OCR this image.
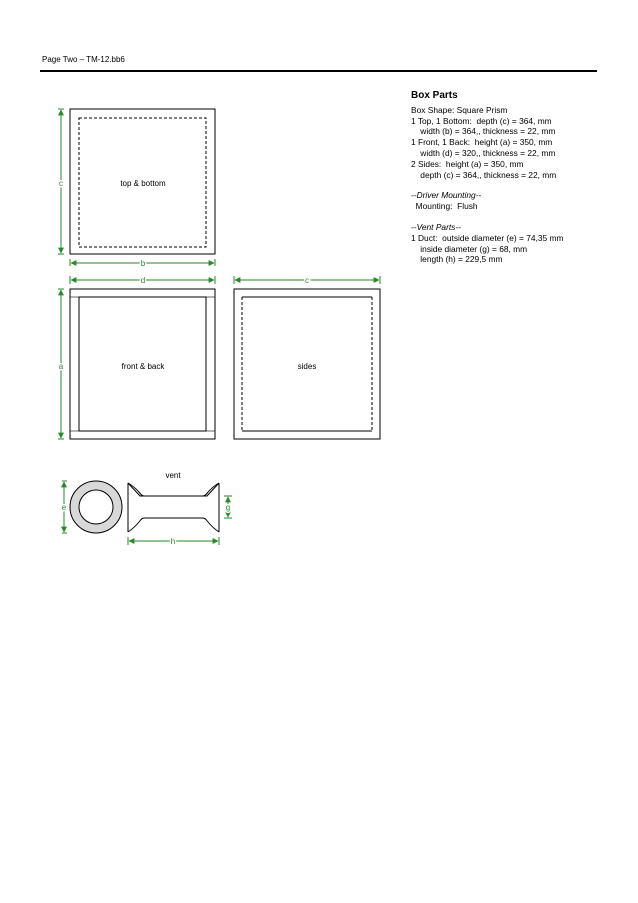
Page Two – TM-12.bb6
Box Parts
Box Shape: Square Prism
1 Top, 1 Bottom:  depth (c) = 364, mm
width (b) = 364,, thickness = 22, mm
1 Front, 1 Back:  height (a) = 350, mm
width (d) = 320,, thickness = 22, mm
2 Sides:  height (a) = 350, mm
depth (c) = 364,, thickness = 22, mm
--Driver Mounting--
Mounting:  Flush
--Vent Parts--
1 Duct:  outside diameter (e) = 74,35 mm
inside diameter (g) = 68, mm
length (h) = 229,5 mm
top & bottom
c
b
d	c
front & back
a	sides
e
vent
g
h
